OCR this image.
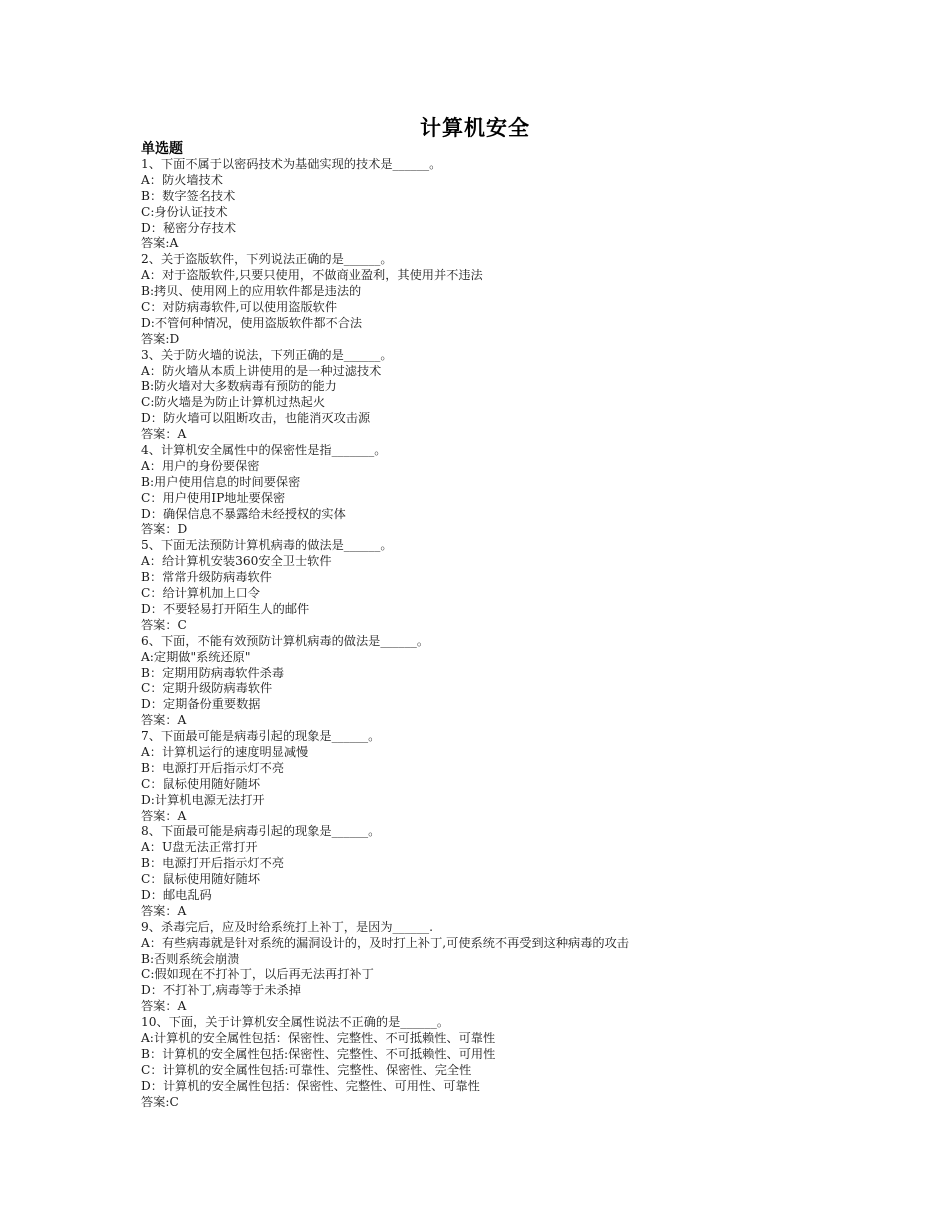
计算机安全
单选题
1、下面不属于以密码技术为基础实现的技术是______。
A：防火墙技术
B：数字签名技术
C:身份认证技术
D：秘密分存技术
答案:A
2、关于盗版软件，下列说法正确的是______。
A：对于盗版软件,只要只使用，不做商业盈利，其使用并不违法
B:拷贝、使用网上的应用软件都是违法的
C：对防病毒软件,可以使用盗版软件
D:不管何种情况，使用盗版软件都不合法
答案:D
3、关于防火墙的说法，下列正确的是______。
A：防火墙从本质上讲使用的是一种过滤技术
B:防火墙对大多数病毒有预防的能力
C:防火墙是为防止计算机过热起火
D：防火墙可以阻断攻击，也能消灭攻击源
答案：A
4、计算机安全属性中的保密性是指_______。
A：用户的身份要保密
B:用户使用信息的时间要保密
C：用户使用IP地址要保密
D：确保信息不暴露给未经授权的实体
答案：D
5、下面无法预防计算机病毒的做法是______。
A：给计算机安装360安全卫士软件
B：常常升级防病毒软件
C：给计算机加上口令
D：不要轻易打开陌生人的邮件
答案：C
6、下面，不能有效预防计算机病毒的做法是______。
A:定期做"系统还原"
B：定期用防病毒软件杀毒
C：定期升级防病毒软件
D：定期备份重要数据
答案：A
7、下面最可能是病毒引起的现象是______。
A：计算机运行的速度明显减慢
B：电源打开后指示灯不亮
C：鼠标使用随好随坏
D:计算机电源无法打开
答案：A
8、下面最可能是病毒引起的现象是______。
A：U盘无法正常打开
B：电源打开后指示灯不亮
C：鼠标使用随好随坏
D：邮电乱码
答案：A
9、杀毒完后，应及时给系统打上补丁，是因为______.
A：有些病毒就是针对系统的漏洞设计的，及时打上补丁,可使系统不再受到这种病毒的攻击
B:否则系统会崩溃
C:假如现在不打补丁，以后再无法再打补丁
D：不打补丁,病毒等于未杀掉
答案：A
10、下面，关于计算机安全属性说法不正确的是______。
A:计算机的安全属性包括：保密性、完整性、不可抵赖性、可靠性
B：计算机的安全属性包括:保密性、完整性、不可抵赖性、可用性
C：计算机的安全属性包括:可靠性、完整性、保密性、完全性
D：计算机的安全属性包括：保密性、完整性、可用性、可靠性
答案:C
